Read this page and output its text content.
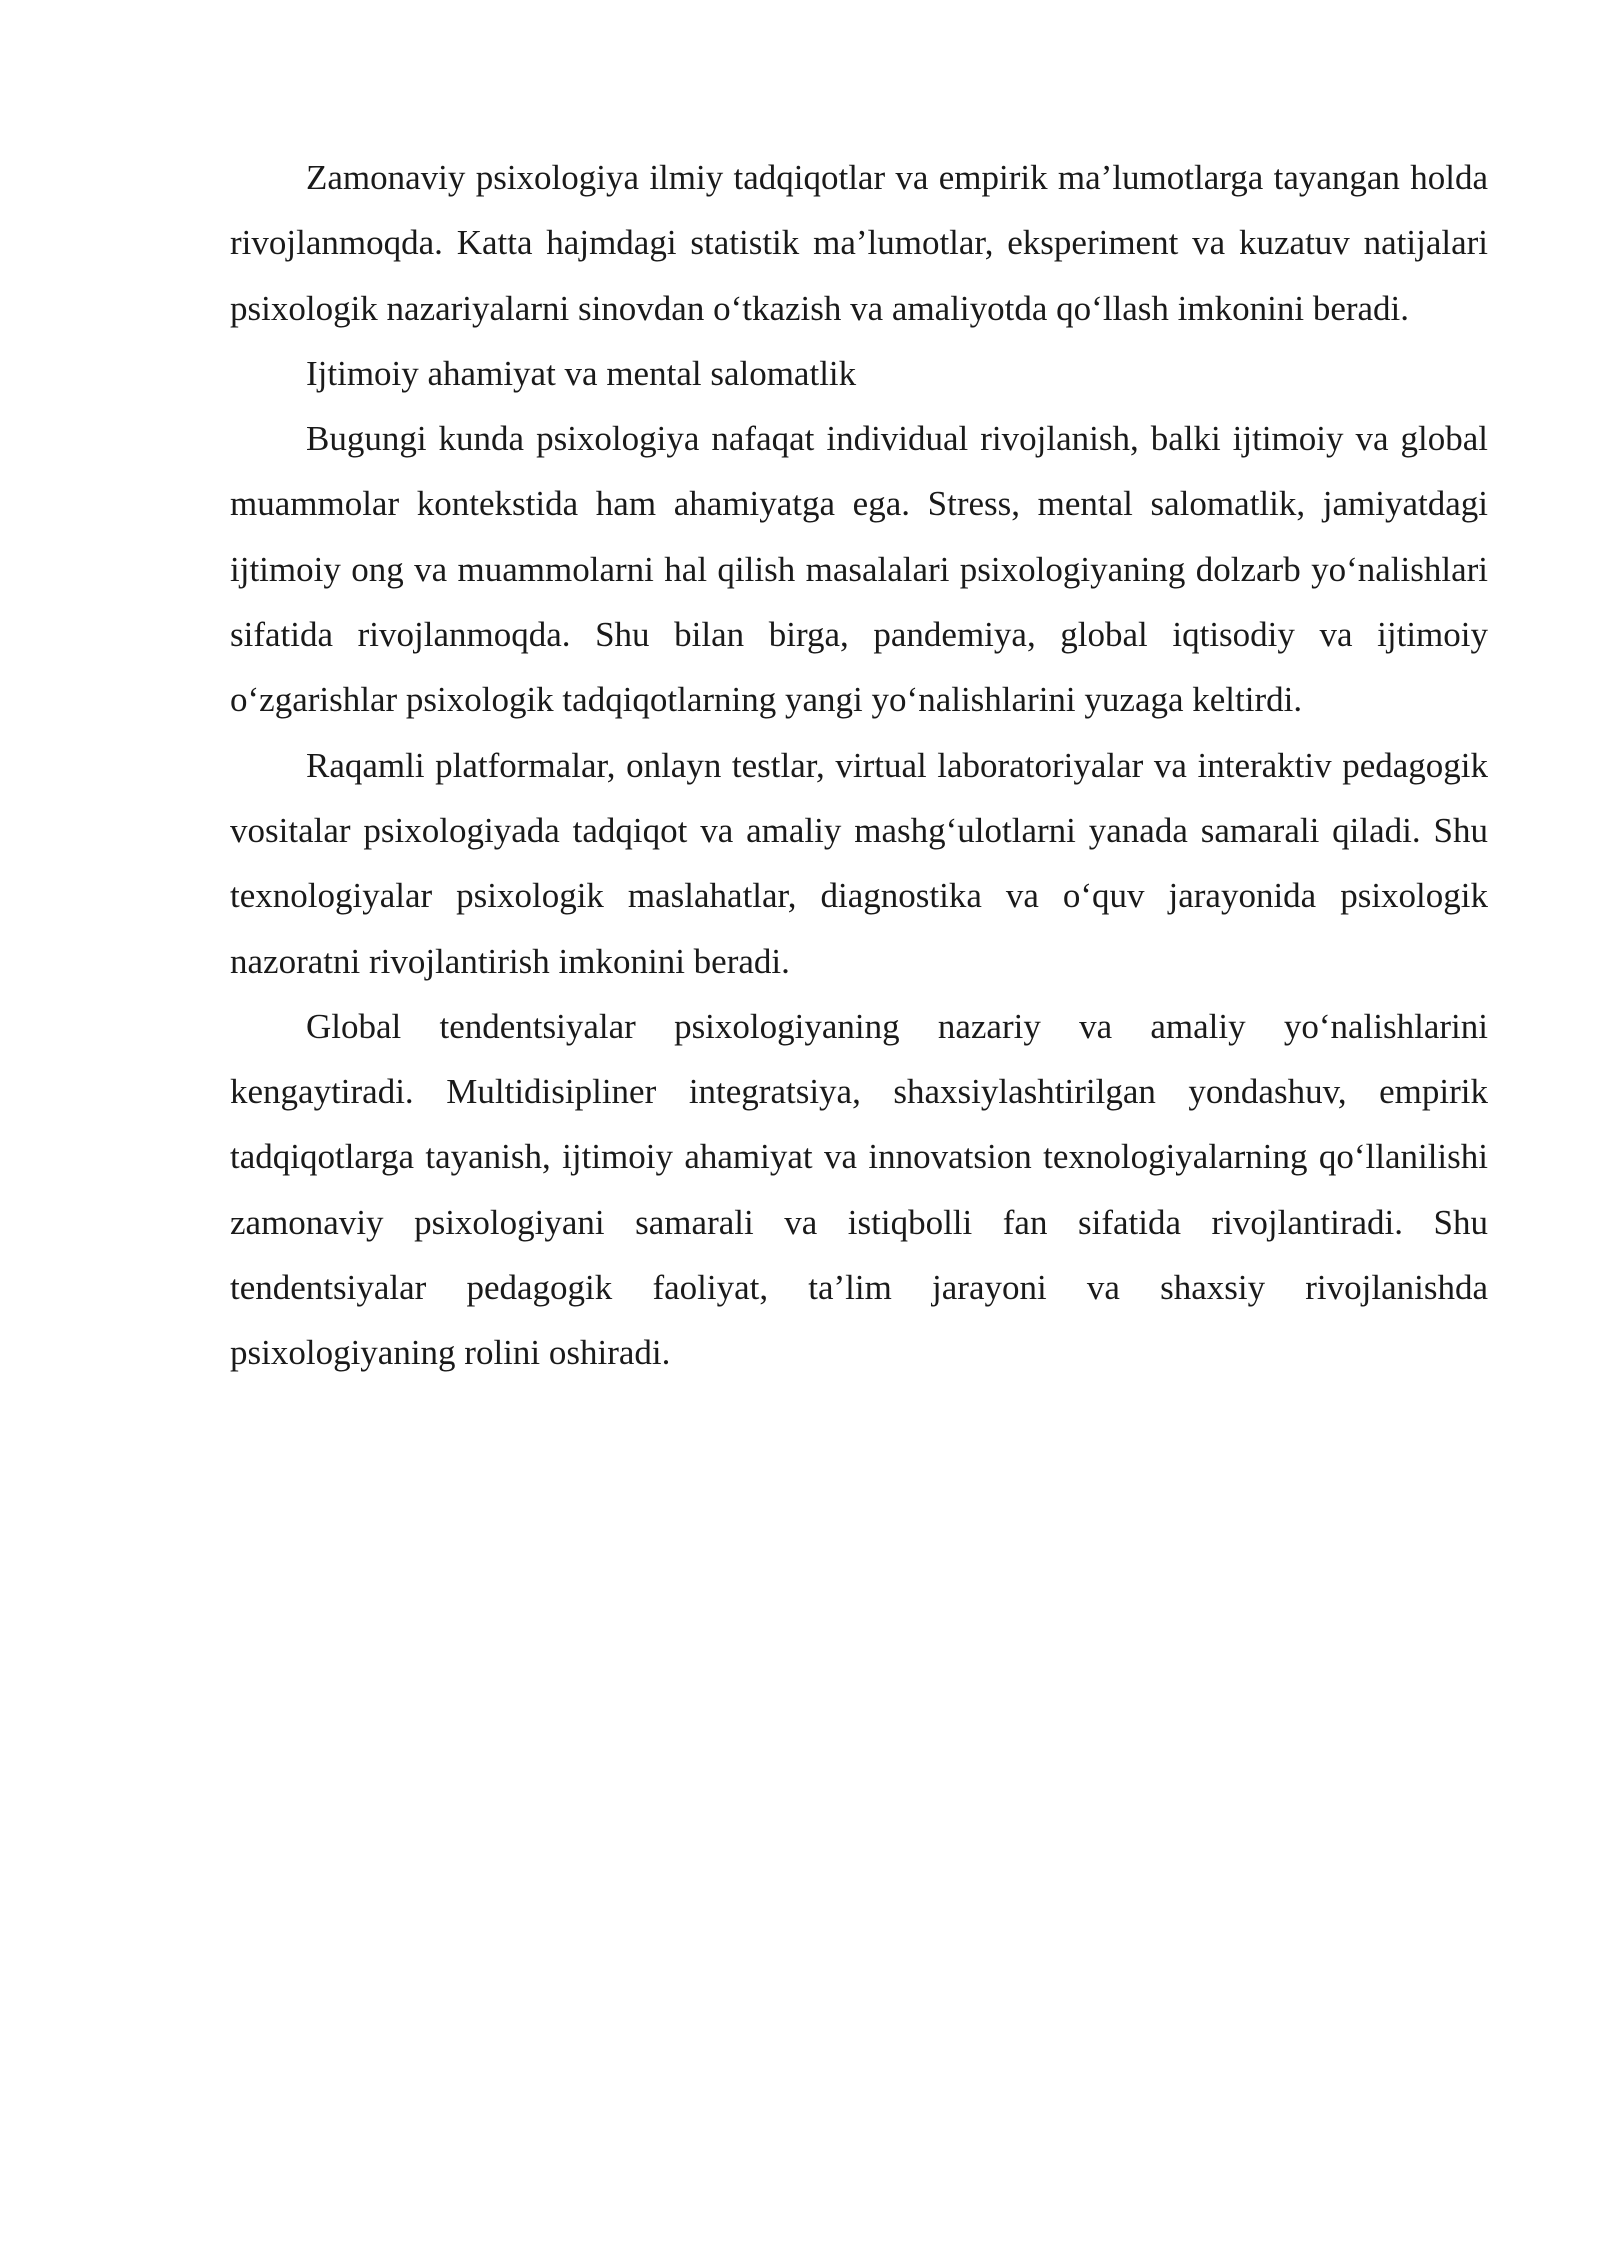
Zamonaviy psixologiya ilmiy tadqiqotlar va empirik ma’lumotlarga tayangan holda rivojlanmoqda. Katta hajmdagi statistik ma’lumotlar, eksperiment va kuzatuv natijalari psixologik nazariyalarni sinovdan o‘tkazish va amaliyotda qo‘llash imkonini beradi.

Ijtimoiy ahamiyat va mental salomatlik

Bugungi kunda psixologiya nafaqat individual rivojlanish, balki ijtimoiy va global muammolar kontekstida ham ahamiyatga ega. Stress, mental salomatlik, jamiyatdagi ijtimoiy ong va muammolarni hal qilish masalalari psixologiyaning dolzarb yo‘nalishlari sifatida rivojlanmoqda. Shu bilan birga, pandemiya, global iqtisodiy va ijtimoiy o‘zgarishlar psixologik tadqiqotlarning yangi yo‘nalishlarini yuzaga keltirdi.

Raqamli platformalar, onlayn testlar, virtual laboratoriyalar va interaktiv pedagogik vositalar psixologiyada tadqiqot va amaliy mashg‘ulotlarni yanada samarali qiladi. Shu texnologiyalar psixologik maslahatlar, diagnostika va o‘quv jarayonida psixologik nazoratni rivojlantirish imkonini beradi.

Global tendentsiyalar psixologiyaning nazariy va amaliy yo‘nalishlarini kengaytiradi. Multidisipliner integratsiya, shaxsiylashtirilgan yondashuv, empirik tadqiqotlarga tayanish, ijtimoiy ahamiyat va innovatsion texnologiyalarning qo‘llanilishi zamonaviy psixologiyani samarali va istiqbolli fan sifatida rivojlantiradi. Shu tendentsiyalar pedagogik faoliyat, ta’lim jarayoni va shaxsiy rivojlanishda psixologiyaning rolini oshiradi.
